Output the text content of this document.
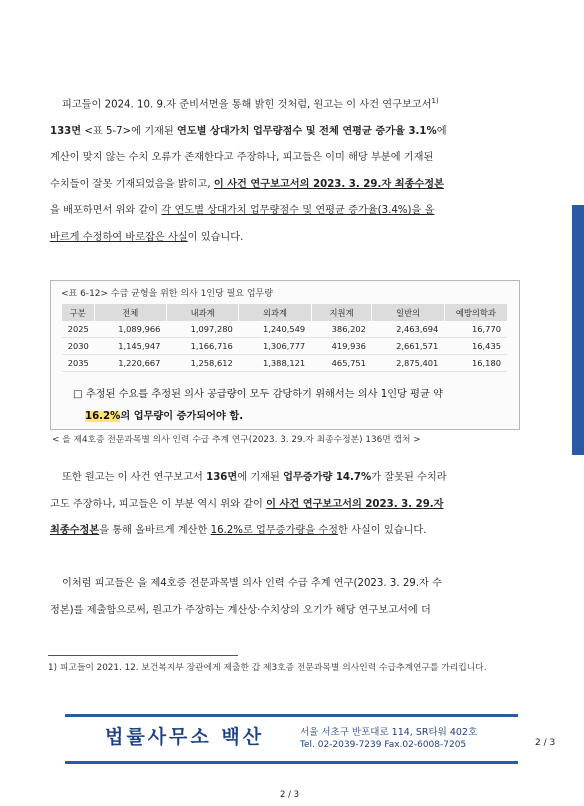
피고들이 2024. 10. 9.자 준비서면을 통해 밝힌 것처럼, 원고는 이 사건 연구보고서$^{1)}$
133면 <표 5-7>에 기재된 연도별 상대가치 업무량점수 및 전체 연평균 증가율 3.1%에
계산이 맞지 않는 수치 오류가 존재한다고 주장하나, 피고들은 이미 해당 부분에 기재된
수치들이 잘못 기재되었음을 밝히고, 이 사건 연구보고서의 2023. 3. 29.자 최종수정본
을 배포하면서 위와 같이 각 연도별 상대가치 업무량점수 및 연평균 증가율(3.4%)을 올
바르게 수정하여 바로잡은 사실이 있습니다.
<표 6-12> 수급 균형을 위한 의사 1인당 필요 업무량
구분	전체	내과계	외과계	지원계	일반의	예방의학과
2025	1,089,966	1,097,280	1,240,549	386,202	2,463,694	16,770
2030	1,145,947	1,166,716	1,306,777	419,936	2,661,571	16,435
2035	1,220,667	1,258,612	1,388,121	465,751	2,875,401	16,180
□ 추정된 수요를 추정된 의사 공급량이 모두 감당하기 위해서는 의사 1인당 평균 약
16.2%의 업무량이 증가되어야 함.
< 을 제4호증 전문과목별 의사 인력 수급 추계 연구(2023. 3. 29.자 최종수정본) 136면 캡처 >
또한 원고는 이 사건 연구보고서 136면에 기재된 업무증가량 14.7%가 잘못된 수치라
고도 주장하나, 피고들은 이 부분 역시 위와 같이 이 사건 연구보고서의 2023. 3. 29.자
최종수정본을 통해 올바르게 계산한 16.2%로 업무증가량을 수정한 사실이 있습니다.
이처럼 피고들은 을 제4호증 전문과목별 의사 인력 수급 추계 연구(2023. 3. 29.자 수
정본)를 제출함으로써, 원고가 주장하는 계산상·수치상의 오기가 해당 연구보고서에 더
1) 피고들이 2021. 12. 보건복지부 장관에게 제출한 갑 제3호증 전문과목별 의사인력 수급추계연구를 가리킵니다.
법률사무소 백산	서울 서초구 반포대로 114, SR타워 402호
Tel. 02-2039-7239 Fax.02-6008-7205	2 / 3
2 / 3
